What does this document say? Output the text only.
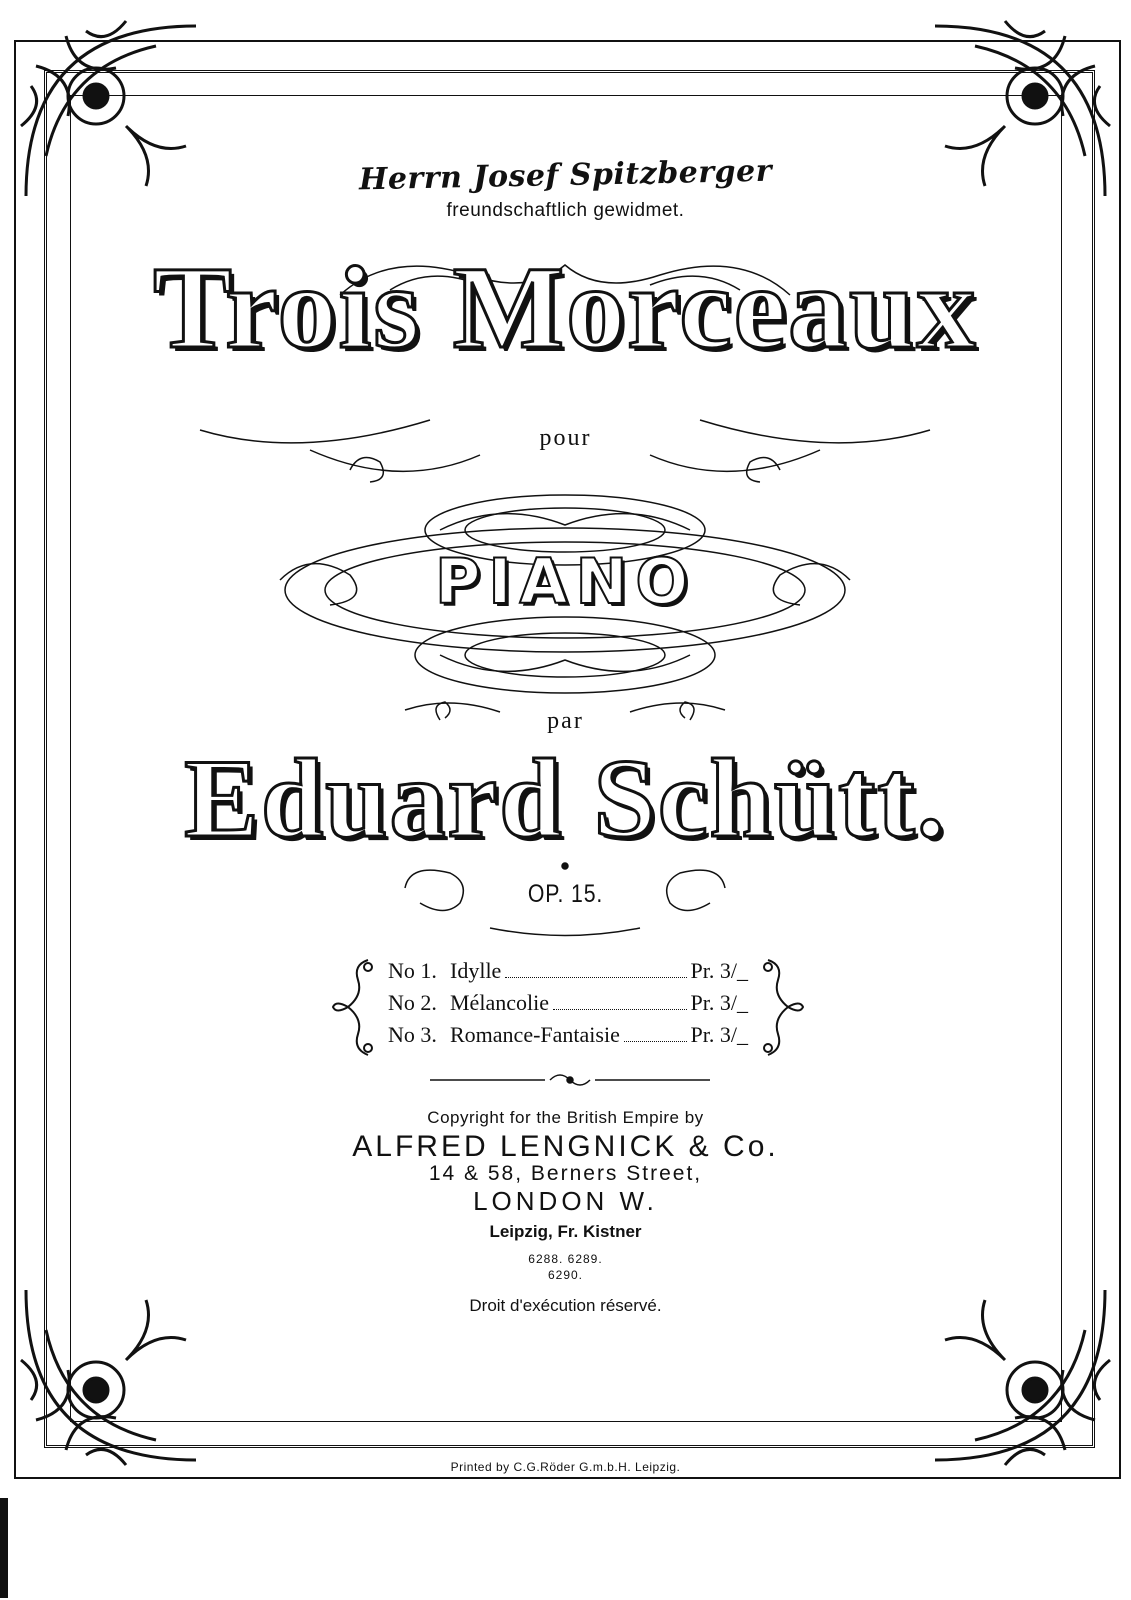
Herrn Josef Spitzberger
freundschaftlich gewidmet.
Trois Morceaux
pour
PIANO
par
Eduard Schütt.
OP. 15.
No 1. Idylle	Pr. 3/_
No 2. Mélancolie	Pr. 3/_
No 3. Romance-Fantaisie	Pr. 3/_
Copyright for the British Empire by
ALFRED LENGNICK & Co.
14 & 58, Berners Street,
LONDON W.
Leipzig, Fr. Kistner
6288. 6289.
6290.
Droit d'exécution réservé.
Printed by C.G.Röder G.m.b.H. Leipzig.
